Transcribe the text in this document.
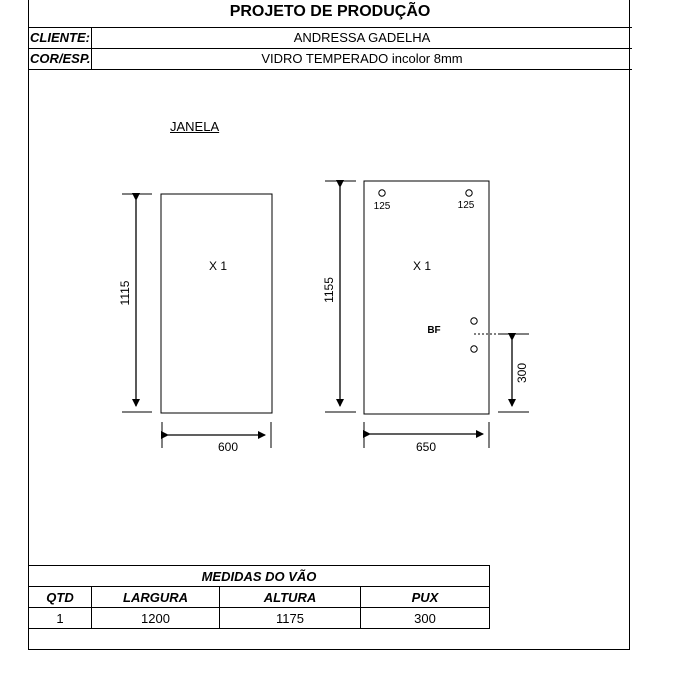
PROJETO DE PRODUÇÃO
CLIENTE:	ANDRESSA GADELHA
COR/ESP.	VIDRO TEMPERADO incolor 8mm
JANELA
1115
600
X 1
1155
650
X 1
125	125
BF
300
MEDIDAS DO VÃO			
QTD	LARGURA	ALTURA	PUX
1	1200	1175	300
